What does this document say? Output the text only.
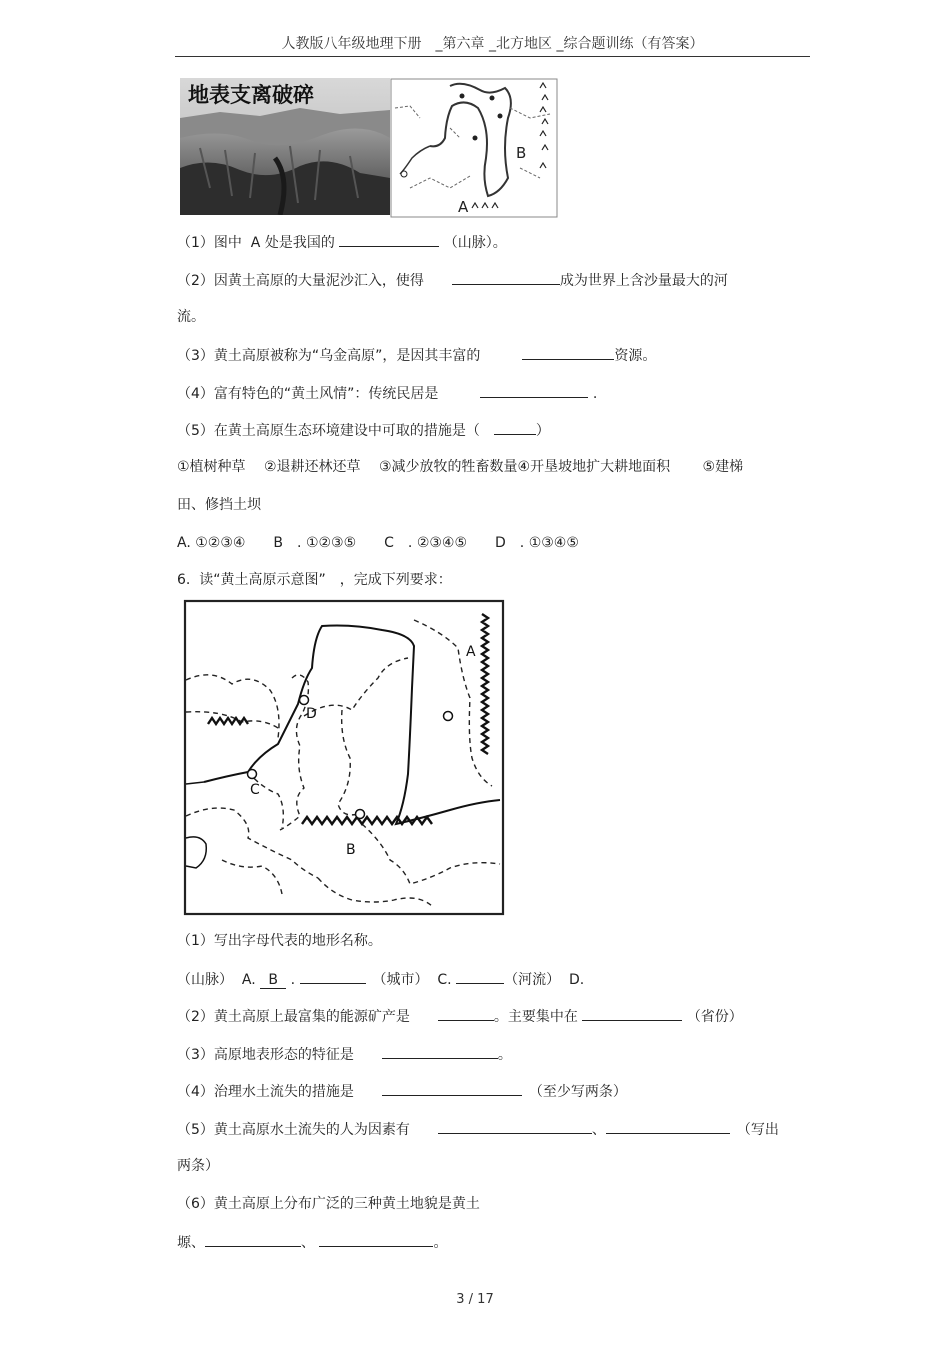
人教版八年级地理下册　_第六章 _北方地区 _综合题训练（有答案）
地表支离破碎
B
A
（1）图中  A 处是我国的	（山脉）。
（2）因黄土高原的大量泥沙汇入，使得　　	成为世界上含沙量最大的河
流。
（3）黄土高原被称为“乌金高原”，是因其丰富的　　　	资源。
（4）富有特色的“黄土风情”：传统民居是　　　	.
（5）在黄土高原生态环境建设中可取的措施是（　	）
①植树种草　 ②退耕还林还草　 ③减少放牧的牲畜数量④开垦坡地扩大耕地面积　　 ⑤建梯
田、修挡土坝
A. ①②③④　　B　. ①②③⑤　　C　. ②③④⑤　　D　. ①③④⑤
6.  读“黄土高原示意图”　，完成下列要求：
A
B
C
D
（1）写出字母代表的地形名称。
（山脉）  A. B . 　	（城市）  C.	（河流）  D.
（2）黄土高原上最富集的能源矿产是　　	。主要集中在	（省份）
（3）高原地表形态的特征是　　	。
（4）治理水土流失的措施是　　　	（至少写两条）
（5）黄土高原水土流失的人为因素有　　	、　	（写出
两条）
（6）黄土高原上分布广泛的三种黄土地貌是黄土
塬、	、	。
3 / 17
